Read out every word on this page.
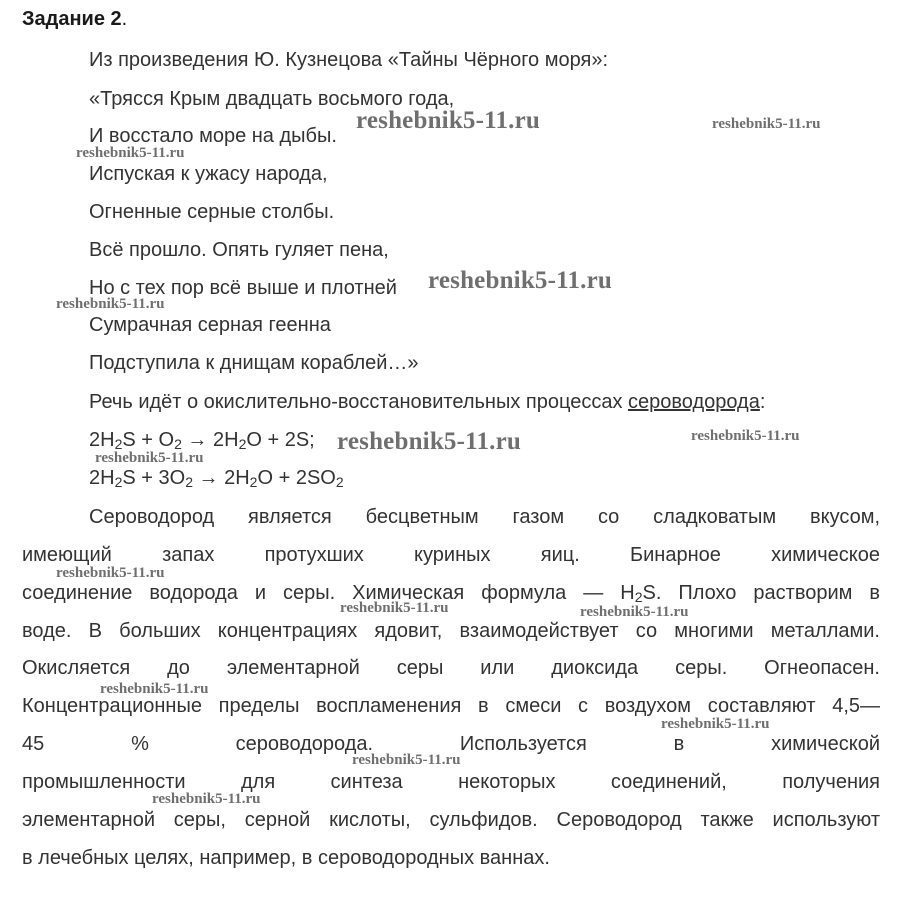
Задание 2.
Из произведения Ю. Кузнецова «Тайны Чёрного моря»:
«Трясся Крым двадцать восьмого года,
И восстало море на дыбы.
Испуская к ужасу народа,
Огненные серные столбы.
Всё прошло. Опять гуляет пена,
Но с тех пор всё выше и плотней
Сумрачная серная геенна
Подступила к днищам кораблей…»
Речь идёт о окислительно-восстановительных процессах сероводорода:
$2H_2S + O_2 \to 2H_2O + 2S$;
$2H_2S + 3O_2 \to 2H_2O + 2SO_2$
Сероводород является бесцветным газом со сладковатым вкусом,
имеющий запах протухших куриных яиц. Бинарное химическое
соединение водорода и серы. Химическая формула — $H_2S$. Плохо растворим в
воде. В больших концентрациях ядовит, взаимодействует со многими металлами.
Окисляется до элементарной серы или диоксида серы. Огнеопасен.
Концентрационные пределы воспламенения в смеси с воздухом составляют 4,5—
45 % сероводорода. Используется в химической
промышленности для синтеза некоторых соединений, получения
элементарной серы, серной кислоты, сульфидов. Сероводород также используют
в лечебных целях, например, в сероводородных ваннах.
reshebnik5-11.ru	reshebnik5-11.ru
reshebnik5-11.ru
reshebnik5-11.ru
reshebnik5-11.ru
reshebnik5-11.ru	reshebnik5-11.ru
reshebnik5-11.ru
reshebnik5-11.ru
reshebnik5-11.ru	reshebnik5-11.ru
reshebnik5-11.ru
reshebnik5-11.ru
reshebnik5-11.ru
reshebnik5-11.ru
